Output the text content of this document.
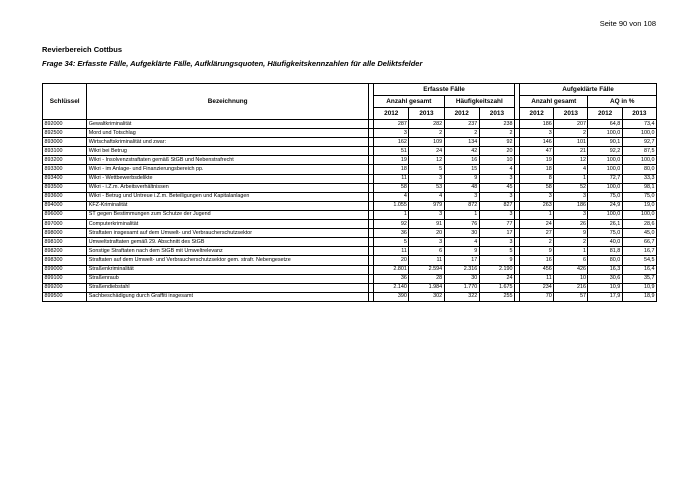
Seite 90 von 108
Revierbereich Cottbus
Frage 34: Erfasste Fälle, Aufgeklärte Fälle, Aufklärungsquoten, Häufigkeitskennzahlen für alle Deliktsfelder
Schlüssel	Bezeichnung		Erfasste Fälle					Aufgeklärte Fälle			
			Anzahl gesamt		Häufigkeitszahl			Anzahl gesamt		AQ in %	
			2012	2013	2012	2013		2012	2013	2012	2013
892000	Gewaltkriminalität		287	282	237	238		186	207	64,8	73,4
892500	Mord und Totschlag		3	2	2	2		3	2	100,0	100,0
893000	Wirtschaftskriminalität und zwar:		162	109	134	92		146	101	90,1	92,7
893100	Wikri bei Betrug		51	24	42	20		47	21	92,2	87,5
893200	Wikri - Insolvenzstraftaten gemäß StGB und Nebenstrafrecht		19	12	16	10		19	12	100,0	100,0
893300	Wikri - im Anlage- und Finanzierungsbereich pp.		18	5	15	4		18	4	100,0	80,0
893400	Wikri - Wettbewerbsdelikte		11	3	9	3		8	1	72,7	33,3
893500	Wikri - i.Z.m. Arbeitsverhältnissen		58	53	48	45		58	52	100,0	98,1
893600	Wikri - Betrug und Untreue i.Z.m. Beteiligungen und Kapitalanlagen		4	4	3	3		3	3	75,0	75,0
894000	KFZ-Kriminalität		1.055	979	872	827		263	186	24,9	19,0
896000	ST gegen Bestimmungen zum Schutze der Jugend		1	3	1	3		1	3	100,0	100,0
897000	Computerkriminalität		92	91	76	77		24	26	26,1	28,6
898000	Straftaten insgesamt auf dem Umwelt- und Verbraucherschutzsektor		36	20	30	17		27	9	75,0	45,0
898100	Umweltstraftaten gemäß 29. Abschnitt des StGB		5	3	4	3		2	2	40,0	66,7
898200	Sonstige Straftaten nach dem StGB mit Umweltrelevanz		11	6	9	5		9	1	81,8	16,7
898300	Straftaten auf dem Umwelt- und Verbraucherschutzsektor gem. strafr. Nebengesetze		20	11	17	9		16	6	80,0	54,5
899000	Straßenkriminalität		2.801	2.594	2.316	2.190		456	426	16,3	16,4
899100	Straßenraub		36	28	30	24		11	10	30,6	35,7
899200	Straßendiebstahl		2.140	1.984	1.770	1.675		234	216	10,9	10,9
899500	Sachbeschädigung durch Graffiti insgesamt		390	302	322	255		70	57	17,9	18,9
